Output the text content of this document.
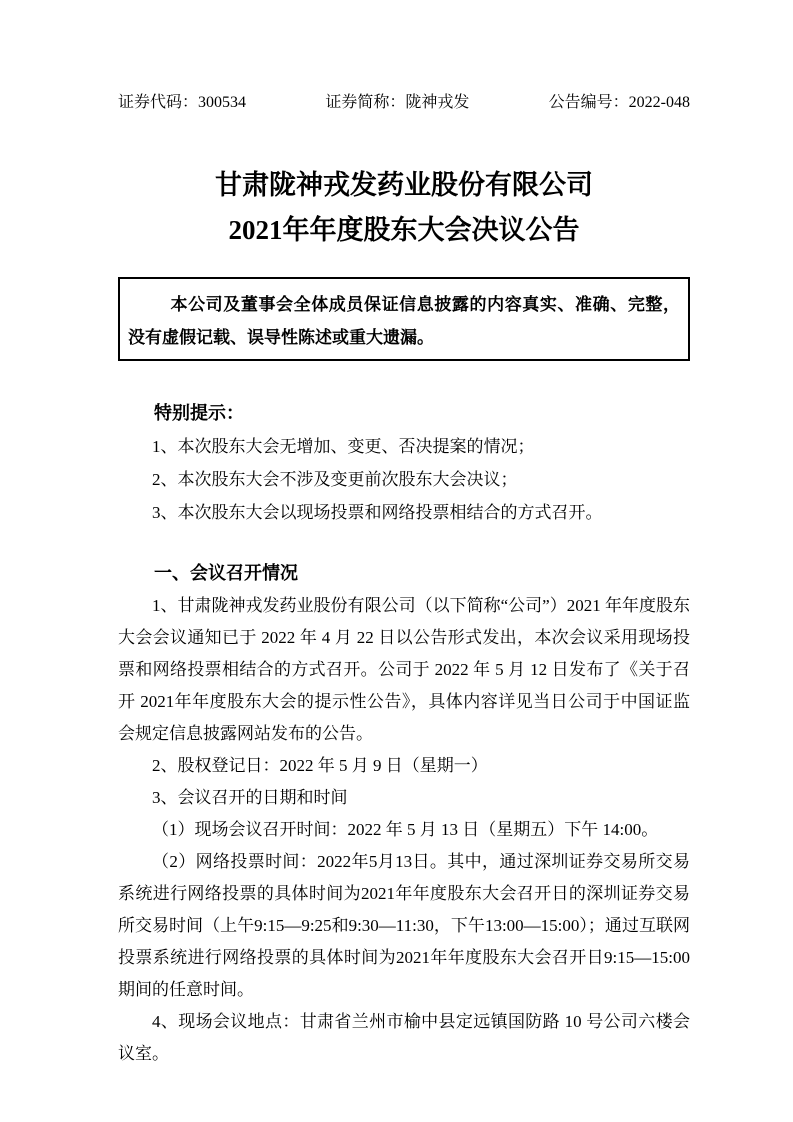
证券代码：300534	证券简称：陇神戎发	公告编号：2022-048
甘肃陇神戎发药业股份有限公司
2021年年度股东大会决议公告

本公司及董事会全体成员保证信息披露的内容真实、准确、完整，没有虚假记载、误导性陈述或重大遗漏。

特别提示：

1、本次股东大会无增加、变更、否决提案的情况；

2、本次股东大会不涉及变更前次股东大会决议；

3、本次股东大会以现场投票和网络投票相结合的方式召开。

一、会议召开情况

1、甘肃陇神戎发药业股份有限公司（以下简称“公司”）2021 年年度股东大会会议通知已于 2022 年 4 月 22 日以公告形式发出，本次会议采用现场投票和网络投票相结合的方式召开。公司于 2022 年 5 月 12 日发布了《关于召开 2021年年度股东大会的提示性公告》，具体内容详见当日公司于中国证监会规定信息披露网站发布的公告。

2、股权登记日：2022 年 5 月 9 日（星期一）

3、会议召开的日期和时间

（1）现场会议召开时间：2022 年 5 月 13 日（星期五）下午 14:00。

（2）网络投票时间：2022年5月13日。其中，通过深圳证券交易所交易系统进行网络投票的具体时间为2021年年度股东大会召开日的深圳证券交易所交易时间（上午9:15—9:25和9:30—11:30，下午13:00—15:00）；通过互联网投票系统进行网络投票的具体时间为2021年年度股东大会召开日9:15—15:00期间的任意时间。

4、现场会议地点：甘肃省兰州市榆中县定远镇国防路 10 号公司六楼会议室。
